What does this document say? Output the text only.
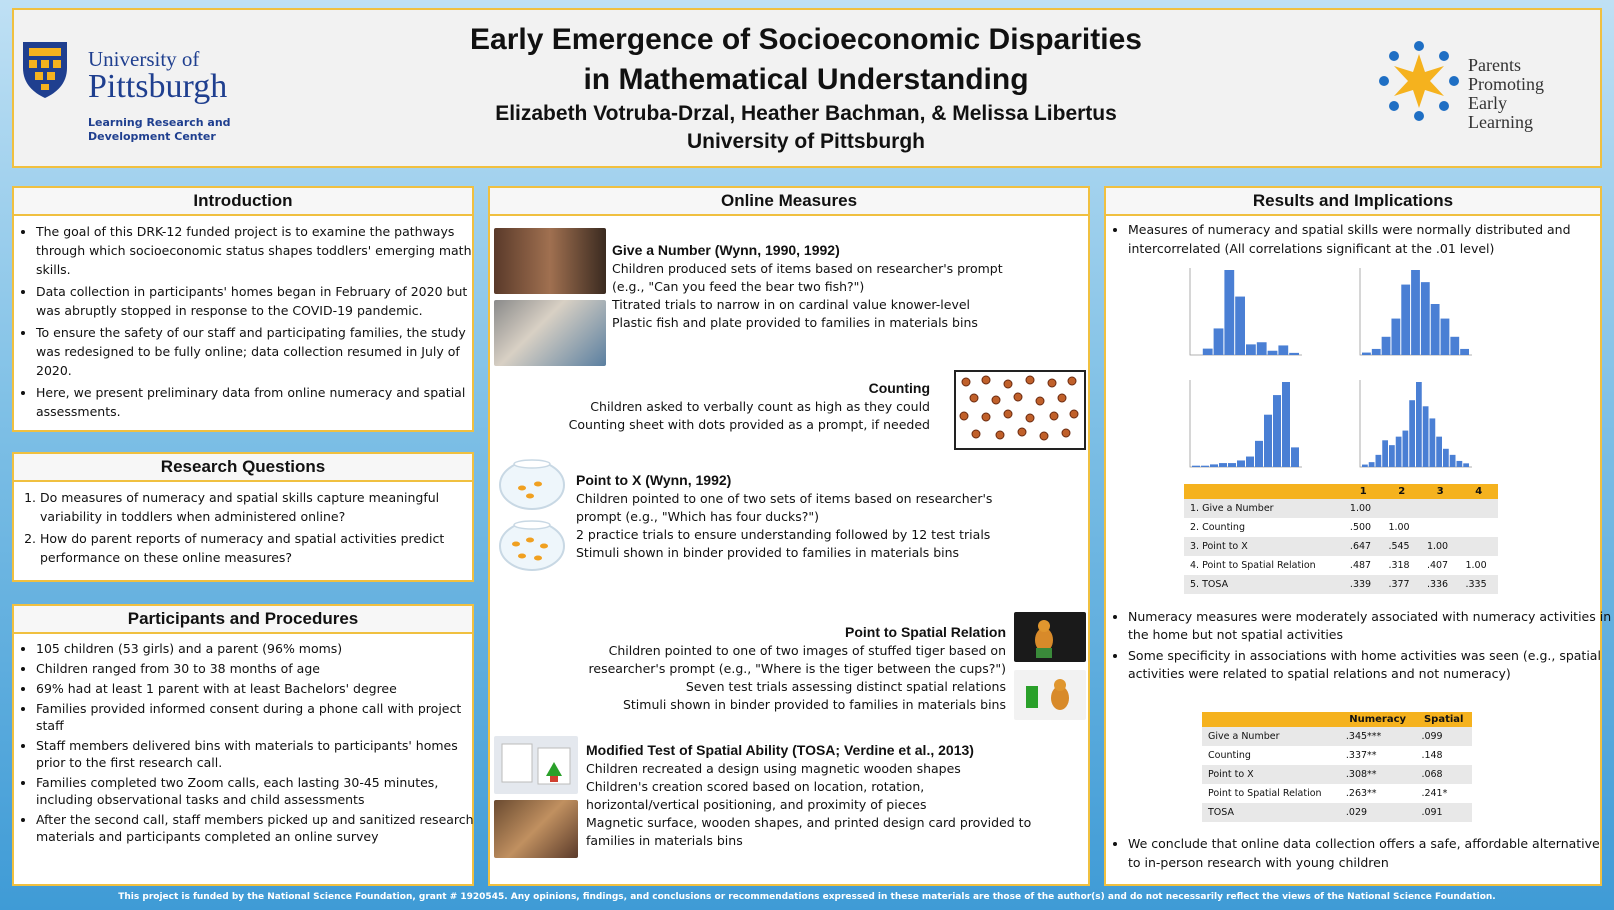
University of
Pittsburgh
Learning Research and
Development Center
Early Emergence of Socioeconomic Disparities
in Mathematical Understanding
Elizabeth Votruba-Drzal, Heather Bachman, & Melissa Libertus
University of Pittsburgh
Parents
Promoting
Early
Learning
Introduction
• The goal of this DRK-12 funded project is to examine the pathways through which socioeconomic status shapes toddlers' emerging math skills.
• Data collection in participants' homes began in February of 2020 but was abruptly stopped in response to the COVID-19 pandemic.
• To ensure the safety of our staff and participating families, the study was redesigned to be fully online; data collection resumed in July of 2020.
• Here, we present preliminary data from online numeracy and spatial assessments.
Research Questions
1. Do measures of numeracy and spatial skills capture meaningful variability in toddlers when administered online?
2. How do parent reports of numeracy and spatial activities predict performance on these online measures?
Participants and Procedures
• 105 children (53 girls) and a parent (96% moms)
• Children ranged from 30 to 38 months of age
• 69% had at least 1 parent with at least Bachelors' degree
• Families provided informed consent during a phone call with project staff
• Staff members delivered bins with materials to participants' homes prior to the first research call.
• Families completed two Zoom calls, each lasting 30-45 minutes, including observational tasks and child assessments
• After the second call, staff members picked up and sanitized research materials and participants completed an online survey
Online Measures
Give a Number (Wynn, 1990, 1992)
Children produced sets of items based on researcher's prompt
(e.g., "Can you feed the bear two fish?")
Titrated trials to narrow in on cardinal value knower-level
Plastic fish and plate provided to families in materials bins
Counting
Children asked to verbally count as high as they could
Counting sheet with dots provided as a prompt, if needed
Point to X (Wynn, 1992)
Children pointed to one of two sets of items based on researcher's
prompt (e.g., "Which has four ducks?")
2 practice trials to ensure understanding followed by 12 test trials
Stimuli shown in binder provided to families in materials bins
Point to Spatial Relation
Children pointed to one of two images of stuffed tiger based on
researcher's prompt (e.g., "Where is the tiger between the cups?")
Seven test trials assessing distinct spatial relations
Stimuli shown in binder provided to families in materials bins
Modified Test of Spatial Ability (TOSA; Verdine et al., 2013)
Children recreated a design using magnetic wooden shapes
Children's creation scored based on location, rotation,
horizontal/vertical positioning, and proximity of pieces
Magnetic surface, wooden shapes, and printed design card provided to
families in materials bins
Results and Implications
• Measures of numeracy and spatial skills were normally distributed and intercorrelated (All correlations significant at the .01 level)
	1	2	3	4
1. Give a Number	1.00			
2. Counting	.500	1.00		
3. Point to X	.647	.545	1.00	
4. Point to Spatial Relation	.487	.318	.407	1.00
5. TOSA	.339	.377	.336	.335
• Numeracy measures were moderately associated with numeracy activities in the home but not spatial activities
• Some specificity in associations with home activities was seen (e.g., spatial activities were related to spatial relations and not numeracy)
	Numeracy	Spatial
Give a Number	.345***	.099
Counting	.337**	.148
Point to X	.308**	.068
Point to Spatial Relation	.263**	.241*
TOSA	.029	.091
• We conclude that online data collection offers a safe, affordable alternative to in-person research with young children
This project is funded by the National Science Foundation, grant # 1920545. Any opinions, findings, and conclusions or recommendations expressed in these materials are those of the author(s) and do not necessarily reflect the views of the National Science Foundation.
